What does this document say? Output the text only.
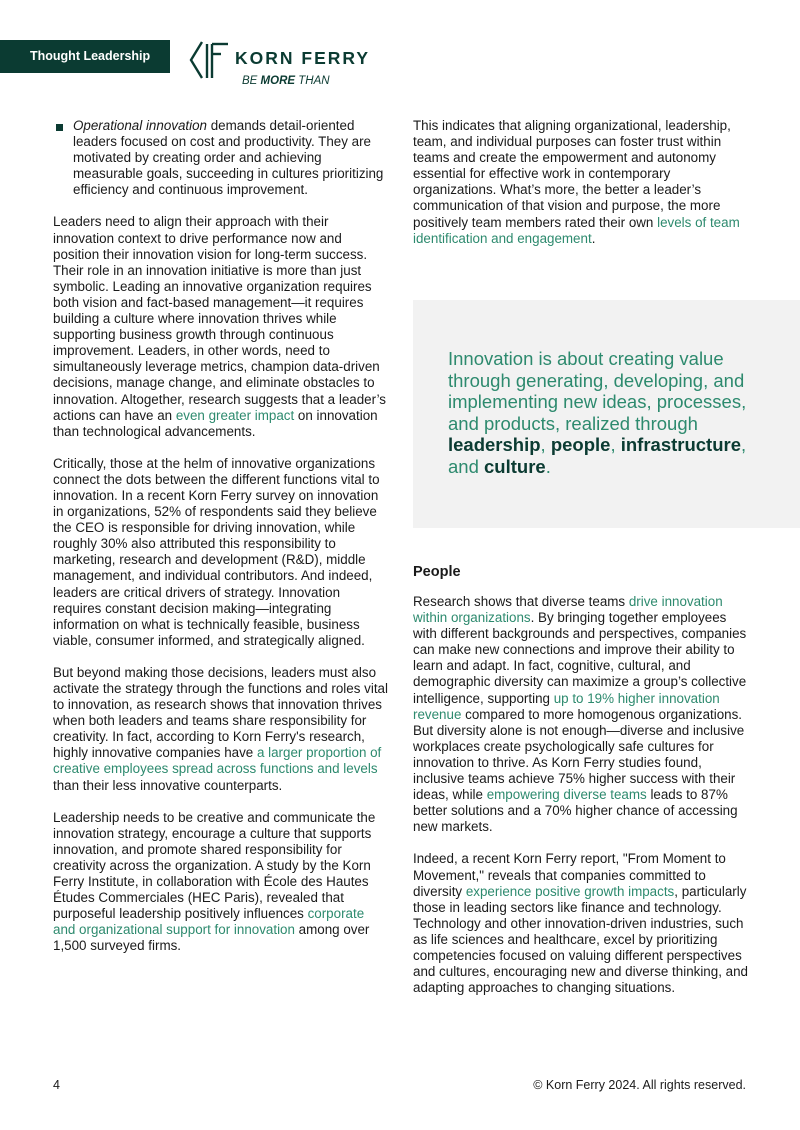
Thought Leadership	KORN FERRY
BE MORE THAN
Operational innovation demands detail-oriented leaders focused on cost and productivity. They are motivated by creating order and achieving measurable goals, succeeding in cultures prioritizing efficiency and continuous improvement.

Leaders need to align their approach with their innovation context to drive performance now and position their innovation vision for long-term success. Their role in an innovation initiative is more than just symbolic. Leading an innovative organization requires both vision and fact-based management—it requires building a culture where innovation thrives while supporting business growth through continuous improvement. Leaders, in other words, need to simultaneously leverage metrics, champion data-driven decisions, manage change, and eliminate obstacles to innovation. Altogether, research suggests that a leader’s actions can have an even greater impact on innovation than technological advancements.

Critically, those at the helm of innovative organizations connect the dots between the different functions vital to innovation. In a recent Korn Ferry survey on innovation in organizations, 52% of respondents said they believe the CEO is responsible for driving innovation, while roughly 30% also attributed this responsibility to marketing, research and development (R&D), middle management, and individual contributors. And indeed, leaders are critical drivers of strategy. Innovation requires constant decision making—integrating information on what is technically feasible, business viable, consumer informed, and strategically aligned.

But beyond making those decisions, leaders must also activate the strategy through the functions and roles vital to innovation, as research shows that innovation thrives when both leaders and teams share responsibility for creativity. In fact, according to Korn Ferry's research, highly innovative companies have a larger proportion of creative employees spread across functions and levels than their less innovative counterparts.

Leadership needs to be creative and communicate the innovation strategy, encourage a culture that supports innovation, and promote shared responsibility for creativity across the organization. A study by the Korn Ferry Institute, in collaboration with École des Hautes Études Commerciales (HEC Paris), revealed that purposeful leadership positively influences corporate and organizational support for innovation among over 1,500 surveyed firms.

This indicates that aligning organizational, leadership, team, and individual purposes can foster trust within teams and create the empowerment and autonomy essential for effective work in contemporary organizations. What’s more, the better a leader’s communication of that vision and purpose, the more positively team members rated their own levels of team identification and engagement.

Innovation is about creating value through generating, developing, and implementing new ideas, processes, and products, realized through leadership, people, infrastructure, and culture.
People

Research shows that diverse teams drive innovation within organizations. By bringing together employees with different backgrounds and perspectives, companies can make new connections and improve their ability to learn and adapt. In fact, cognitive, cultural, and demographic diversity can maximize a group’s collective intelligence, supporting up to 19% higher innovation revenue compared to more homogenous organizations. But diversity alone is not enough—diverse and inclusive workplaces create psychologically safe cultures for innovation to thrive. As Korn Ferry studies found, inclusive teams achieve 75% higher success with their ideas, while empowering diverse teams leads to 87% better solutions and a 70% higher chance of accessing new markets.

Indeed, a recent Korn Ferry report, "From Moment to Movement," reveals that companies committed to diversity experience positive growth impacts, particularly those in leading sectors like finance and technology. Technology and other innovation-driven industries, such as life sciences and healthcare, excel by prioritizing competencies focused on valuing different perspectives and cultures, encouraging new and diverse thinking, and adapting approaches to changing situations.

4	© Korn Ferry 2024. All rights reserved.
